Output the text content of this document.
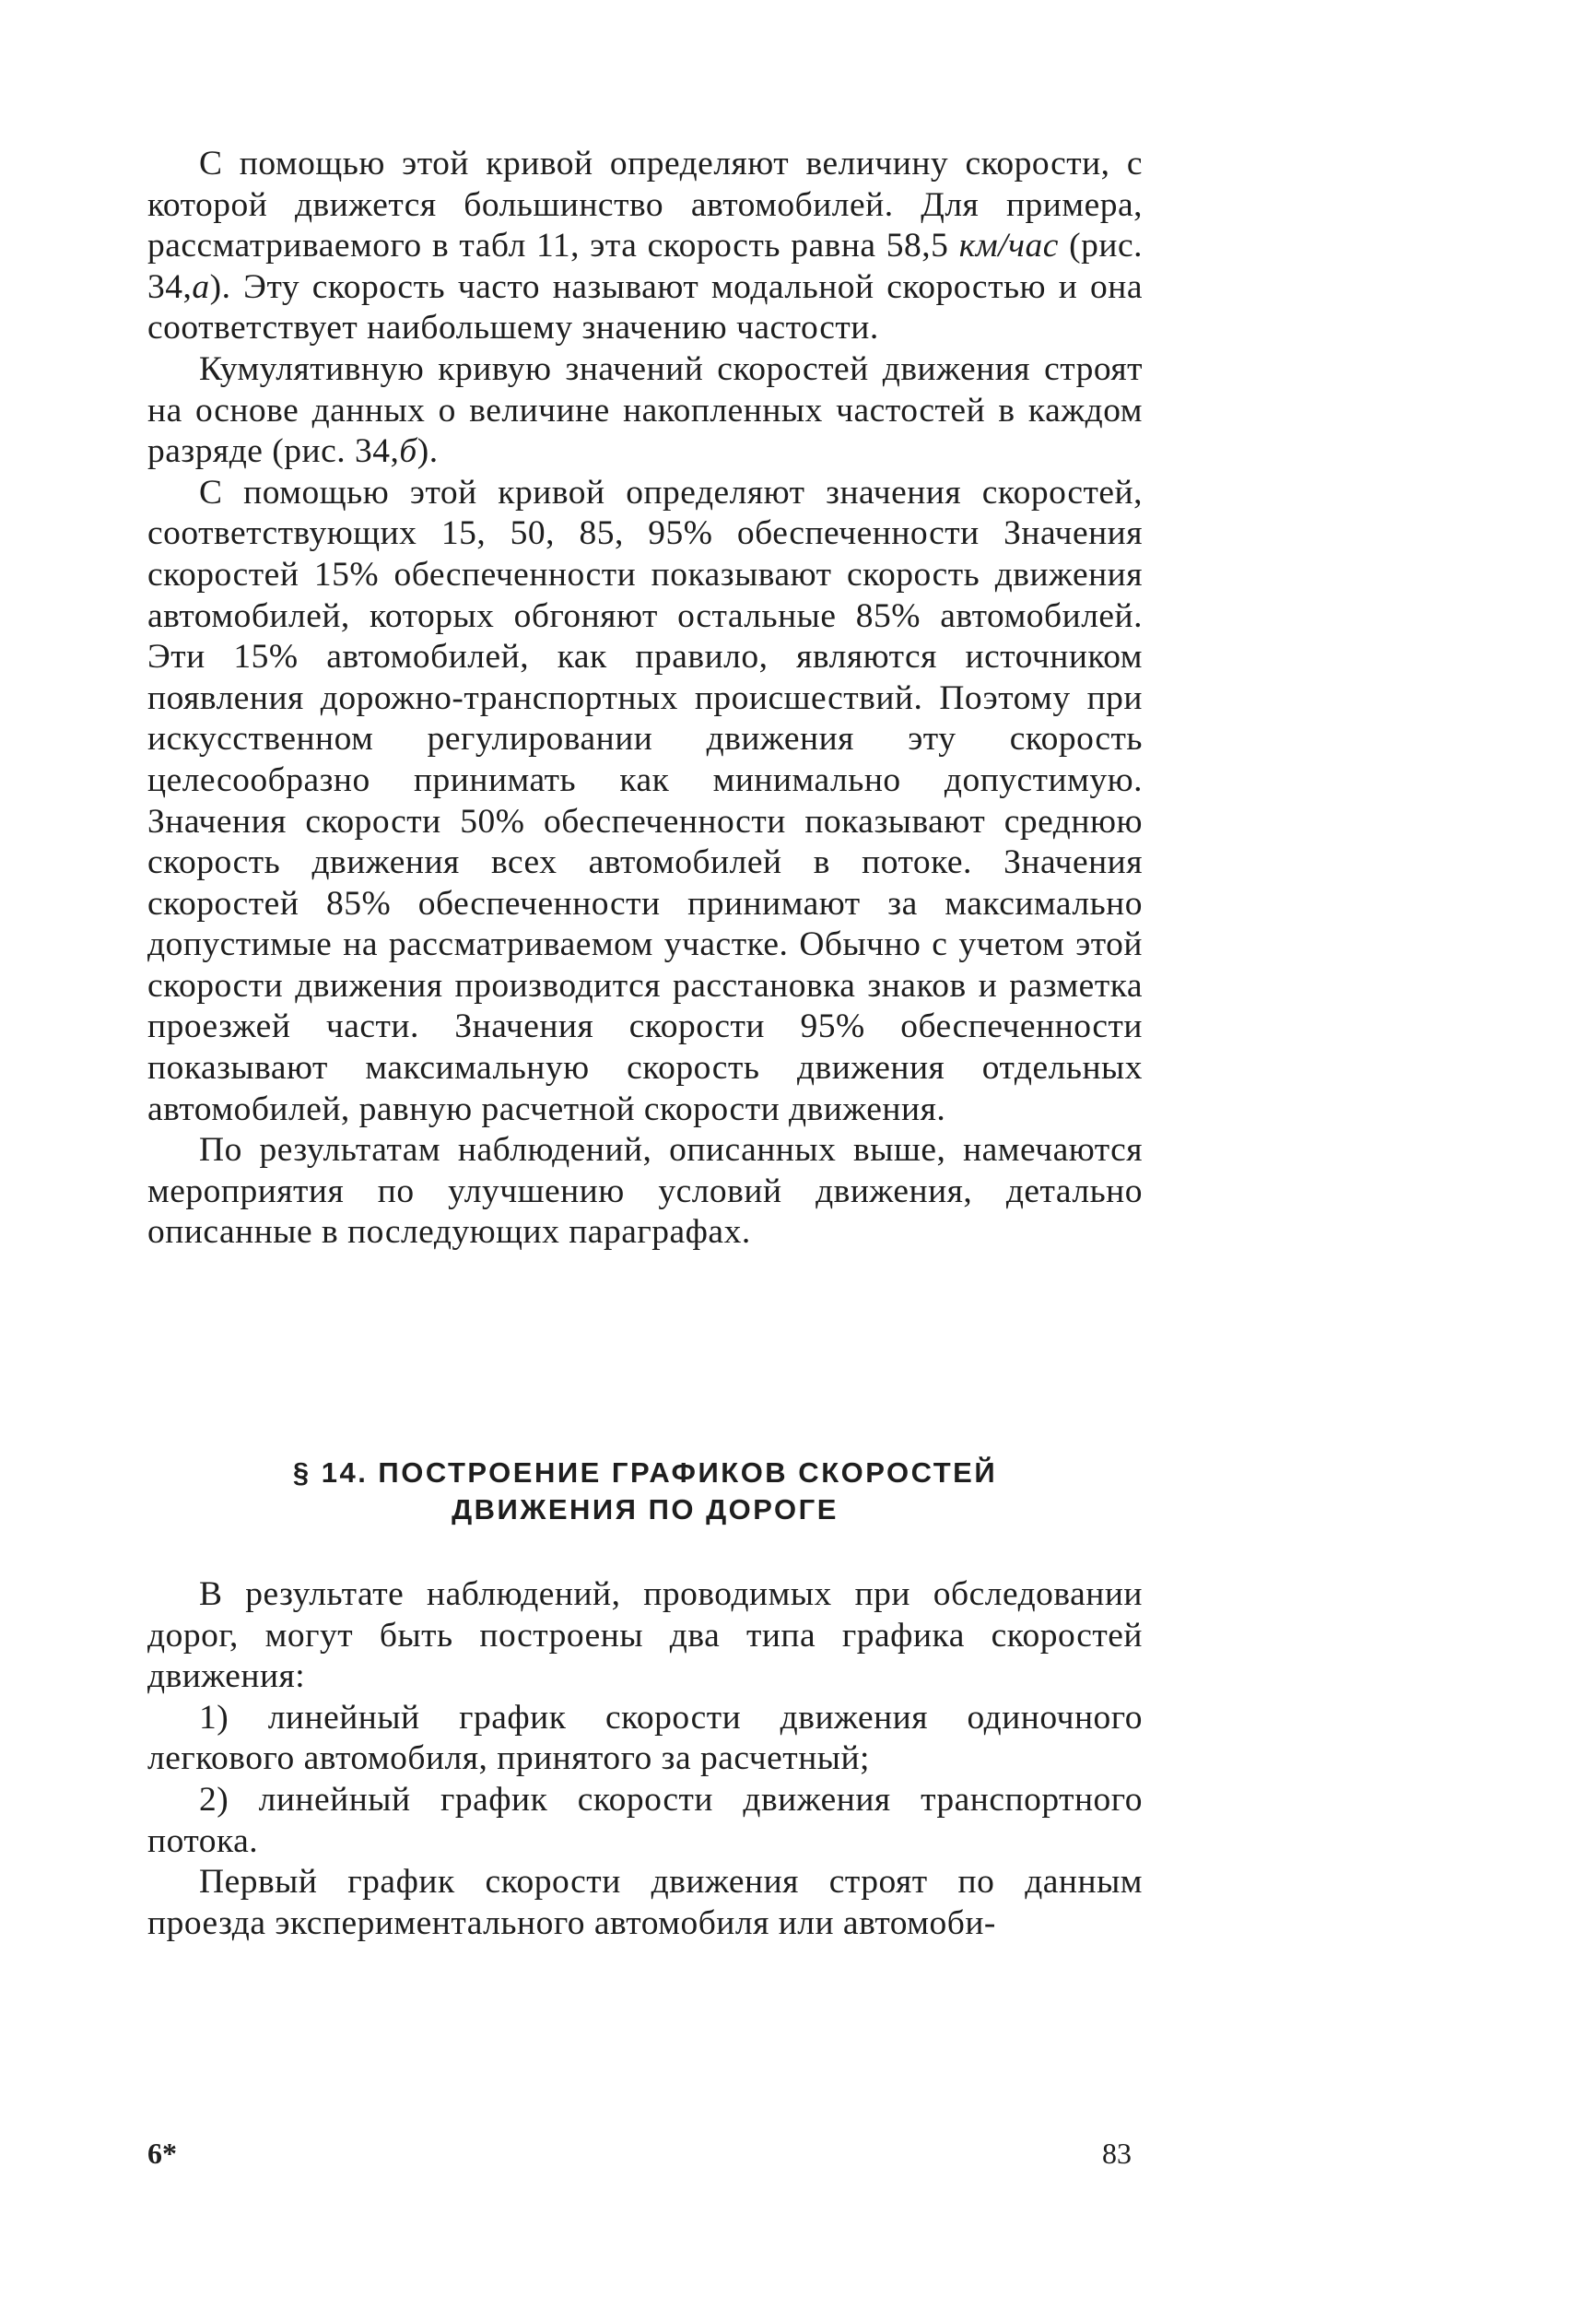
С помощью этой кривой определяют величину скорости, с которой движется большинство автомобилей. Для примера, рассматриваемого в табл 11, эта скорость равна 58,5 км/час (рис. 34,а). Эту скорость часто называют модальной скоростью и она соответствует наибольшему значению частости.

Кумулятивную кривую значений скоростей движения строят на основе данных о величине накопленных частостей в каждом разряде (рис. 34,б).

С помощью этой кривой определяют значения скоростей, соответствующих 15, 50, 85, 95% обеспеченности Значения скоростей 15% обеспеченности показывают скорость движения автомобилей, которых обгоняют остальные 85% автомобилей. Эти 15% автомобилей, как правило, являются источником появления дорожно-транспортных происшествий. Поэтому при искусственном регулировании движения эту скорость целесообразно принимать как минимально допустимую. Значения скорости 50% обеспеченности показывают среднюю скорость движения всех автомобилей в потоке. Значения скоростей 85% обеспеченности принимают за максимально допустимые на рассматриваемом участке. Обычно с учетом этой скорости движения производится расстановка знаков и разметка проезжей части. Значения скорости 95% обеспеченности показывают максимальную скорость движения отдельных автомобилей, равную расчетной скорости движения.

По результатам наблюдений, описанных выше, намечаются мероприятия по улучшению условий движения, детально описанные в последующих параграфах.

§ 14. ПОСТРОЕНИЕ ГРАФИКОВ СКОРОСТЕЙ
ДВИЖЕНИЯ ПО ДОРОГЕ

В результате наблюдений, проводимых при обследовании дорог, могут быть построены два типа графика скоростей движения:

1) линейный график скорости движения одиночного легкового автомобиля, принятого за расчетный;

2) линейный график скорости движения транспортного потока.

Первый график скорости движения строят по данным проезда экспериментального автомобиля или автомоби-

6*	83
